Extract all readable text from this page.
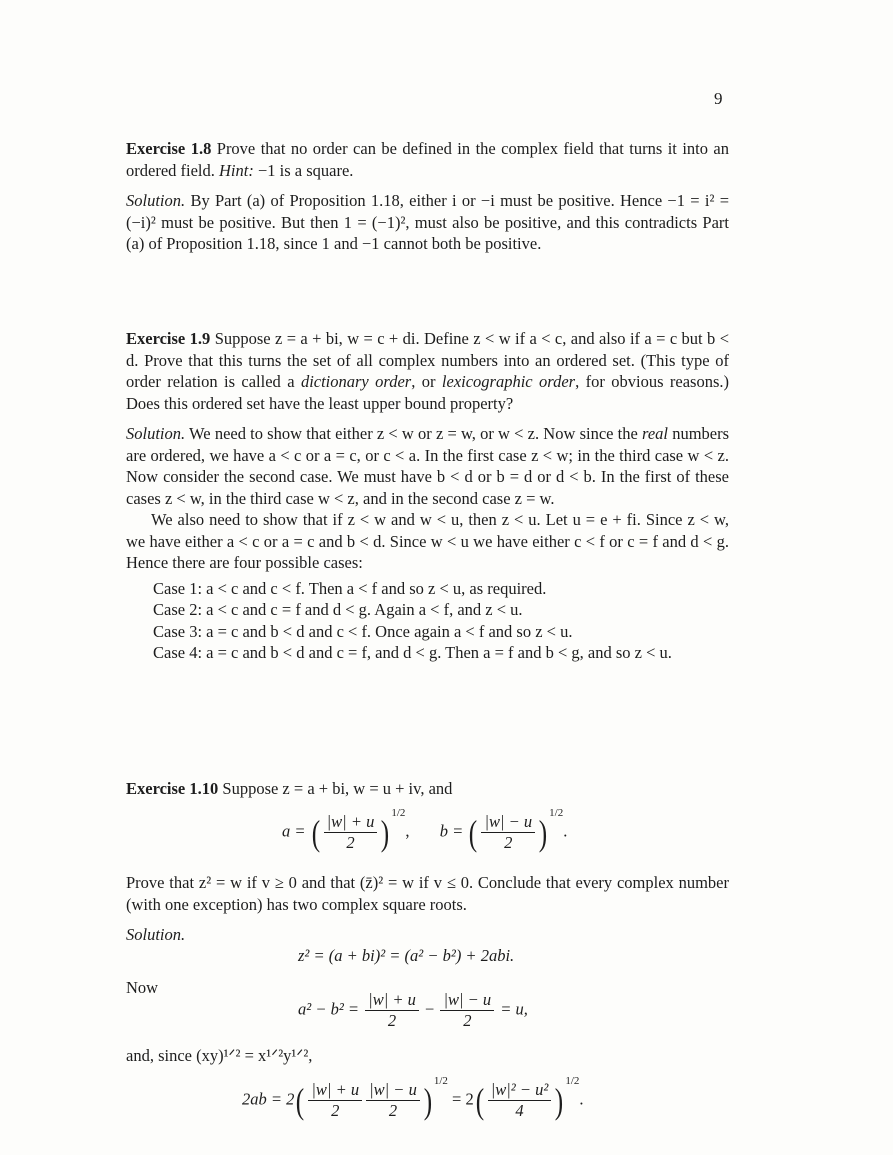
9

Exercise 1.8 Prove that no order can be defined in the complex field that turns it into an ordered field. Hint: −1 is a square.

Solution. By Part (a) of Proposition 1.18, either i or −i must be positive. Hence −1 = i² = (−i)² must be positive. But then 1 = (−1)², must also be positive, and this contradicts Part (a) of Proposition 1.18, since 1 and −1 cannot both be positive.

Exercise 1.9 Suppose z = a + bi, w = c + di. Define z < w if a < c, and also if a = c but b < d. Prove that this turns the set of all complex numbers into an ordered set. (This type of order relation is called a dictionary order, or lexicographic order, for obvious reasons.) Does this ordered set have the least upper bound property?

Solution. We need to show that either z < w or z = w, or w < z. Now since the real numbers are ordered, we have a < c or a = c, or c < a. In the first case z < w; in the third case w < z. Now consider the second case. We must have b < d or b = d or d < b. In the first of these cases z < w, in the third case w < z, and in the second case z = w.

We also need to show that if z < w and w < u, then z < u. Let u = e + fi. Since z < w, we have either a < c or a = c and b < d. Since w < u we have either c < f or c = f and d < g. Hence there are four possible cases:

Case 1: a < c and c < f. Then a < f and so z < u, as required.

Case 2: a < c and c = f and d < g. Again a < f, and z < u.

Case 3: a = c and b < d and c < f. Once again a < f and so z < u.

Case 4: a = c and b < d and c = f, and d < g. Then a = f and b < g, and so z < u.

Exercise 1.10 Suppose z = a + bi, w = u + iv, and

a = ( $\frac{|w| + u}{2}$ ) $^{1/2}$, b = ( $\frac{|w| - u}{2}$ ) $^{1/2}$.

Prove that z² = w if v ≥ 0 and that (z̄)² = w if v ≤ 0. Conclude that every complex number (with one exception) has two complex square roots.

Solution.

z² = (a + bi)² = (a² − b²) + 2abi.
Now
$a^2 - b^2 = \frac{|w| + u}{2} - \frac{|w| - u}{2} = u$,
and, since (xy)¹ᐟ² = x¹ᐟ²y¹ᐟ²,
$2ab = 2( \frac{|w| + u}{2} \frac{|w| - u}{2}$ ) $^{1/2} = 2( \frac{\text{|w|² − u²}}{4}$ ) $^{1/2}$.
